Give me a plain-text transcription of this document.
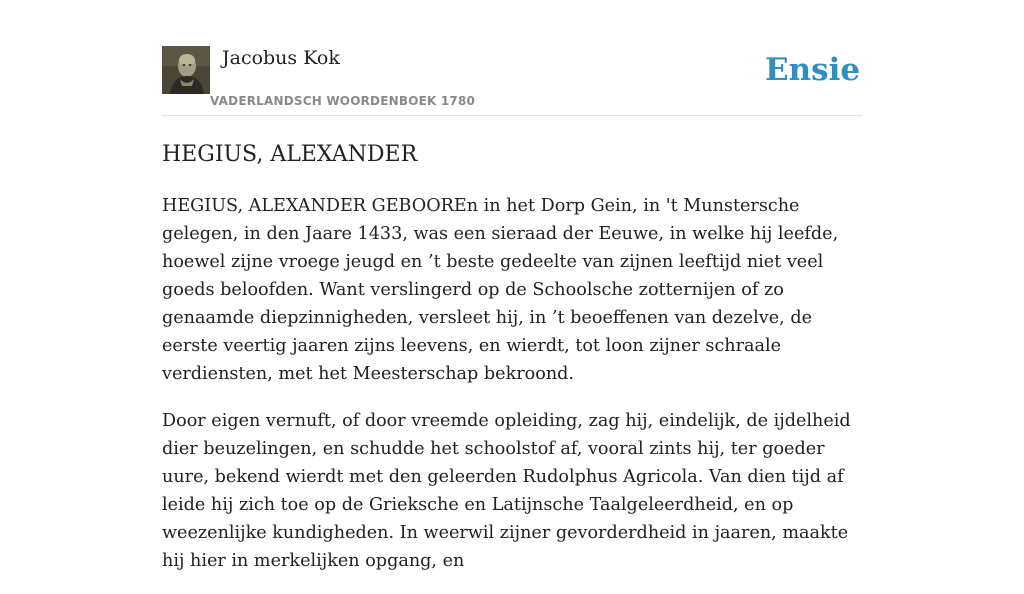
Jacobus Kok
VADERLANDSCH WOORDENBOEK 1780
Ensie
HEGIUS, ALEXANDER

HEGIUS, ALEXANDER GEBOOREn in het Dorp Gein, in 't Munstersche gelegen, in den Jaare 1433, was een sieraad der Eeuwe, in welke hij leefde, hoewel zijne vroege jeugd en ’t beste gedeelte van zijnen leeftijd niet veel goeds beloofden. Want verslingerd op de Schoolsche zotternijen of zo genaamde diepzinnigheden, versleet hij, in ’t beoeffenen van dezelve, de eerste veertig jaaren zijns leevens, en wierdt, tot loon zijner schraale verdiensten, met het Meesterschap bekroond.

Door eigen vernuft, of door vreemde opleiding, zag hij, eindelijk, de ijdelheid dier beuzelingen, en schudde het schoolstof af, vooral zints hij, ter goeder uure, bekend wierdt met den geleerden Rudolphus Agricola. Van dien tijd af leide hij zich toe op de Grieksche en Latijnsche Taalgeleerdheid, en op weezenlijke kundigheden. In weerwil zijner gevorderdheid in jaaren, maakte hij hier in merkelijken opgang, en
